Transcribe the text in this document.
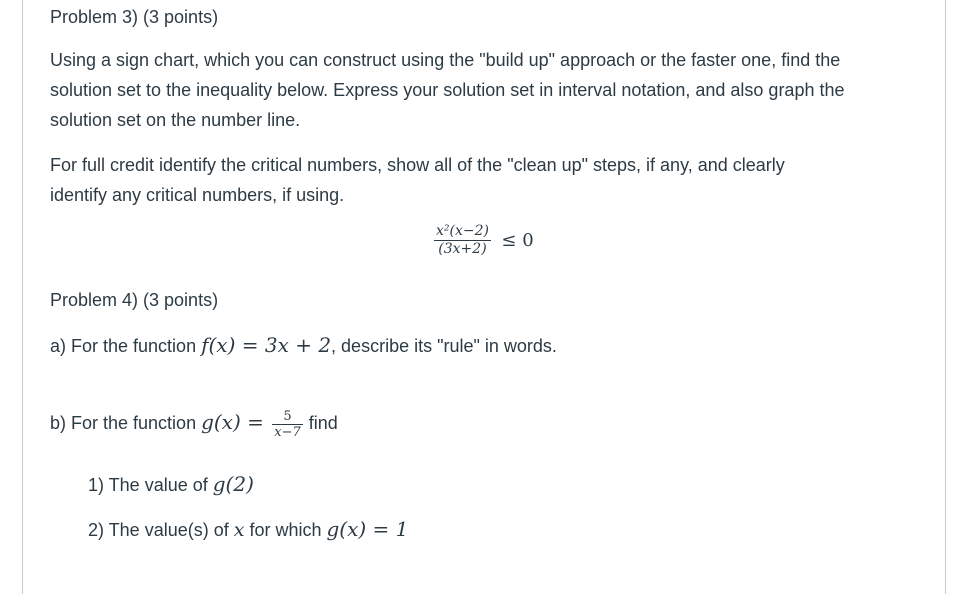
Problem 3) (3 points)
Using a sign chart, which you can construct using the "build up" approach or the faster one, find the
solution set to the inequality below. Express your solution set in interval notation, and also graph the
solution set on the number line.
For full credit identify the critical numbers, show all of the "clean up" steps, if any, and clearly
identify any critical numbers, if using.
$\frac{\text{x²(x−2)}}{(3x+2)} \le 0$
Problem 4) (3 points)
a) For the function f(x) = 3x + 2, describe its "rule" in words.
b) For the function $g(x) = \frac{5}{x-7}$ find
1) The value of g(2)
2) The value(s) of x for which g(x) = 1
